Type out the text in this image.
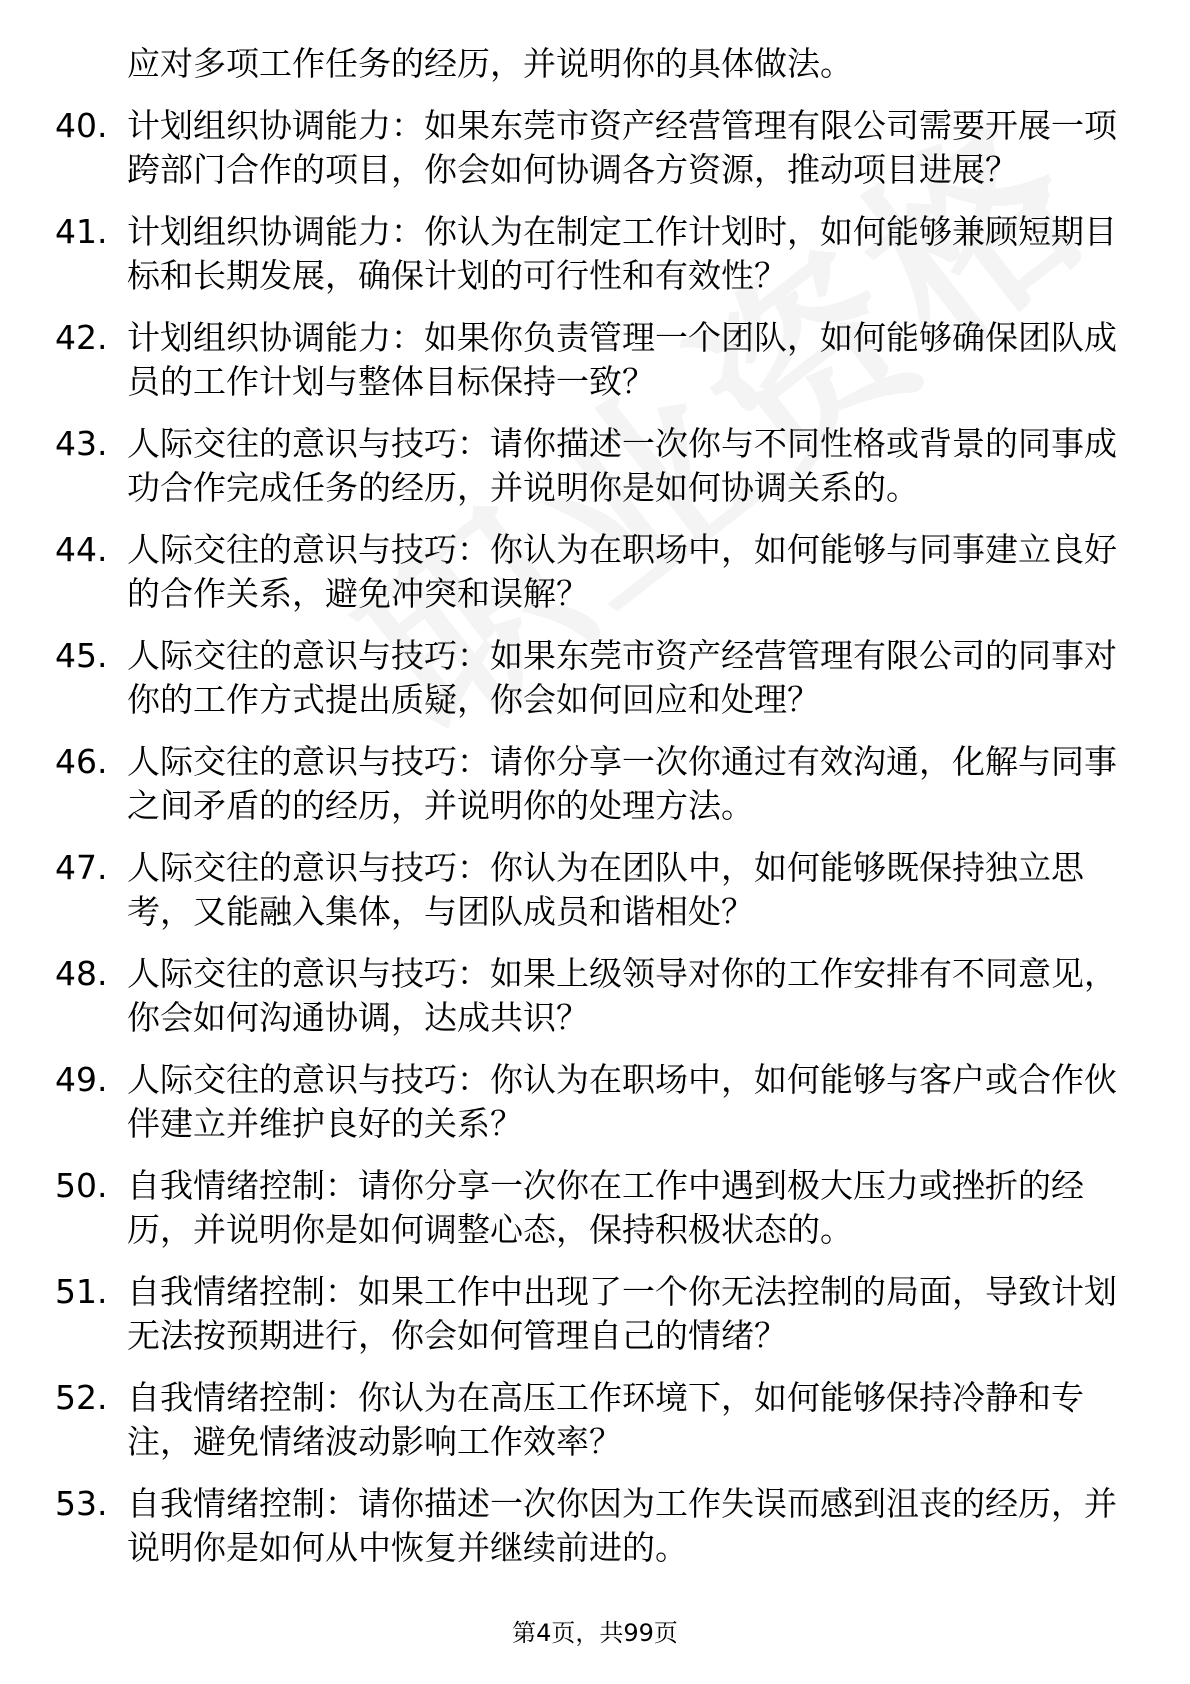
应对多项工作任务的经历，并说明你的具体做法。
40. 计划组织协调能力：如果东莞市资产经营管理有限公司需要开展一项跨部门合作的项目，你会如何协调各方资源，推动项目进展？
41. 计划组织协调能力：你认为在制定工作计划时，如何能够兼顾短期目标和长期发展，确保计划的可行性和有效性？
42. 计划组织协调能力：如果你负责管理一个团队，如何能够确保团队成员的工作计划与整体目标保持一致？
43. 人际交往的意识与技巧：请你描述一次你与不同性格或背景的同事成功合作完成任务的经历，并说明你是如何协调关系的。
44. 人际交往的意识与技巧：你认为在职场中，如何能够与同事建立良好的合作关系，避免冲突和误解？
45. 人际交往的意识与技巧：如果东莞市资产经营管理有限公司的同事对你的工作方式提出质疑，你会如何回应和处理？
46. 人际交往的意识与技巧：请你分享一次你通过有效沟通，化解与同事之间矛盾的的经历，并说明你的处理方法。
47. 人际交往的意识与技巧：你认为在团队中，如何能够既保持独立思考，又能融入集体，与团队成员和谐相处？
48. 人际交往的意识与技巧：如果上级领导对你的工作安排有不同意见，你会如何沟通协调，达成共识？
49. 人际交往的意识与技巧：你认为在职场中，如何能够与客户或合作伙伴建立并维护良好的关系？
50. 自我情绪控制：请你分享一次你在工作中遇到极大压力或挫折的经历，并说明你是如何调整心态，保持积极状态的。
51. 自我情绪控制：如果工作中出现了一个你无法控制的局面，导致计划无法按预期进行，你会如何管理自己的情绪？
52. 自我情绪控制：你认为在高压工作环境下，如何能够保持冷静和专注，避免情绪波动影响工作效率？
53. 自我情绪控制：请你描述一次你因为工作失误而感到沮丧的经历，并说明你是如何从中恢复并继续前进的。
第4页，共99页
